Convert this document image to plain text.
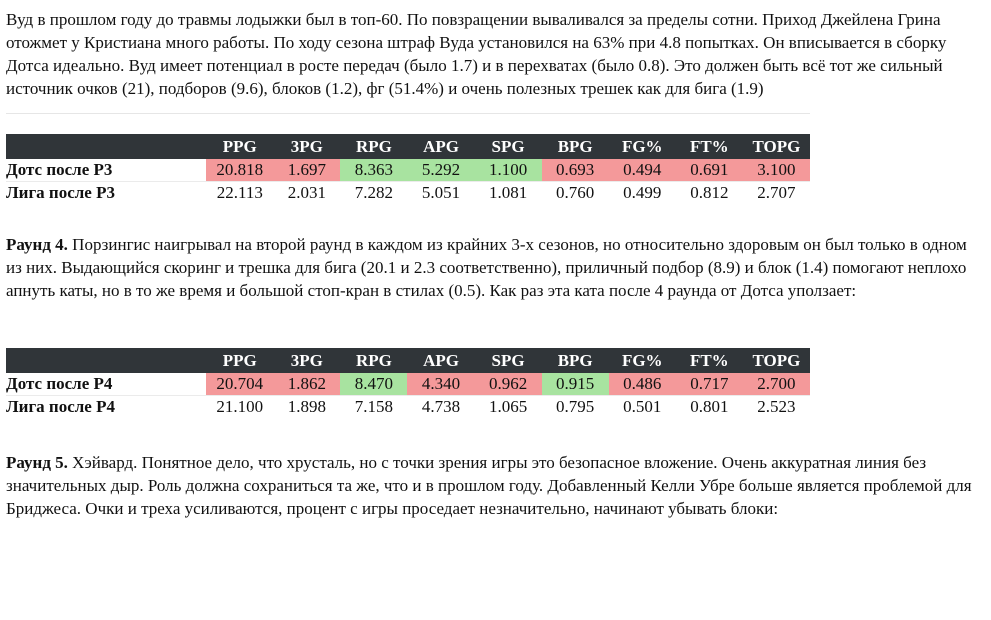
Вуд в прошлом году до травмы лодыжки был в топ-60. По повзращении вываливался за пределы сотни. Приход Джейлена Грина отожмет у Кристиана много работы. По ходу сезона штраф Вуда установился на 63% при 4.8 попытках. Он вписывается в сборку Дотса идеально. Вуд имеет потенциал в росте передач (было 1.7) и в перехватах (было 0.8). Это должен быть всё тот же сильный источник очков (21), подборов (9.6), блоков (1.2), фг (51.4%) и очень полезных трешек как для бига (1.9)

	PPG	3PG	RPG	APG	SPG	BPG	FG%	FT%	TOPG
Дотс после Р3	20.818	1.697	8.363	5.292	1.100	0.693	0.494	0.691	3.100
Лига после Р3	22.113	2.031	7.282	5.051	1.081	0.760	0.499	0.812	2.707

Раунд 4. Порзингис наигрывал на второй раунд в каждом из крайних 3-х сезонов, но относительно здоровым он был только в одном из них. Выдающийся скоринг и трешка для бига (20.1 и 2.3 соответственно), приличный подбор (8.9) и блок (1.4) помогают неплохо апнуть каты, но в то же время и большой стоп-кран в стилах (0.5). Как раз эта ката после 4 раунда от Дотса уползает:

	PPG	3PG	RPG	APG	SPG	BPG	FG%	FT%	TOPG
Дотс после Р4	20.704	1.862	8.470	4.340	0.962	0.915	0.486	0.717	2.700
Лига после Р4	21.100	1.898	7.158	4.738	1.065	0.795	0.501	0.801	2.523

Раунд 5. Хэйвард. Понятное дело, что хрусталь, но с точки зрения игры это безопасное вложение. Очень аккуратная линия без значительных дыр. Роль должна сохраниться та же, что и в прошлом году. Добавленный Келли Убре больше является проблемой для Бриджеса. Очки и треха усиливаются, процент с игры проседает незначительно, начинают убывать блоки:
